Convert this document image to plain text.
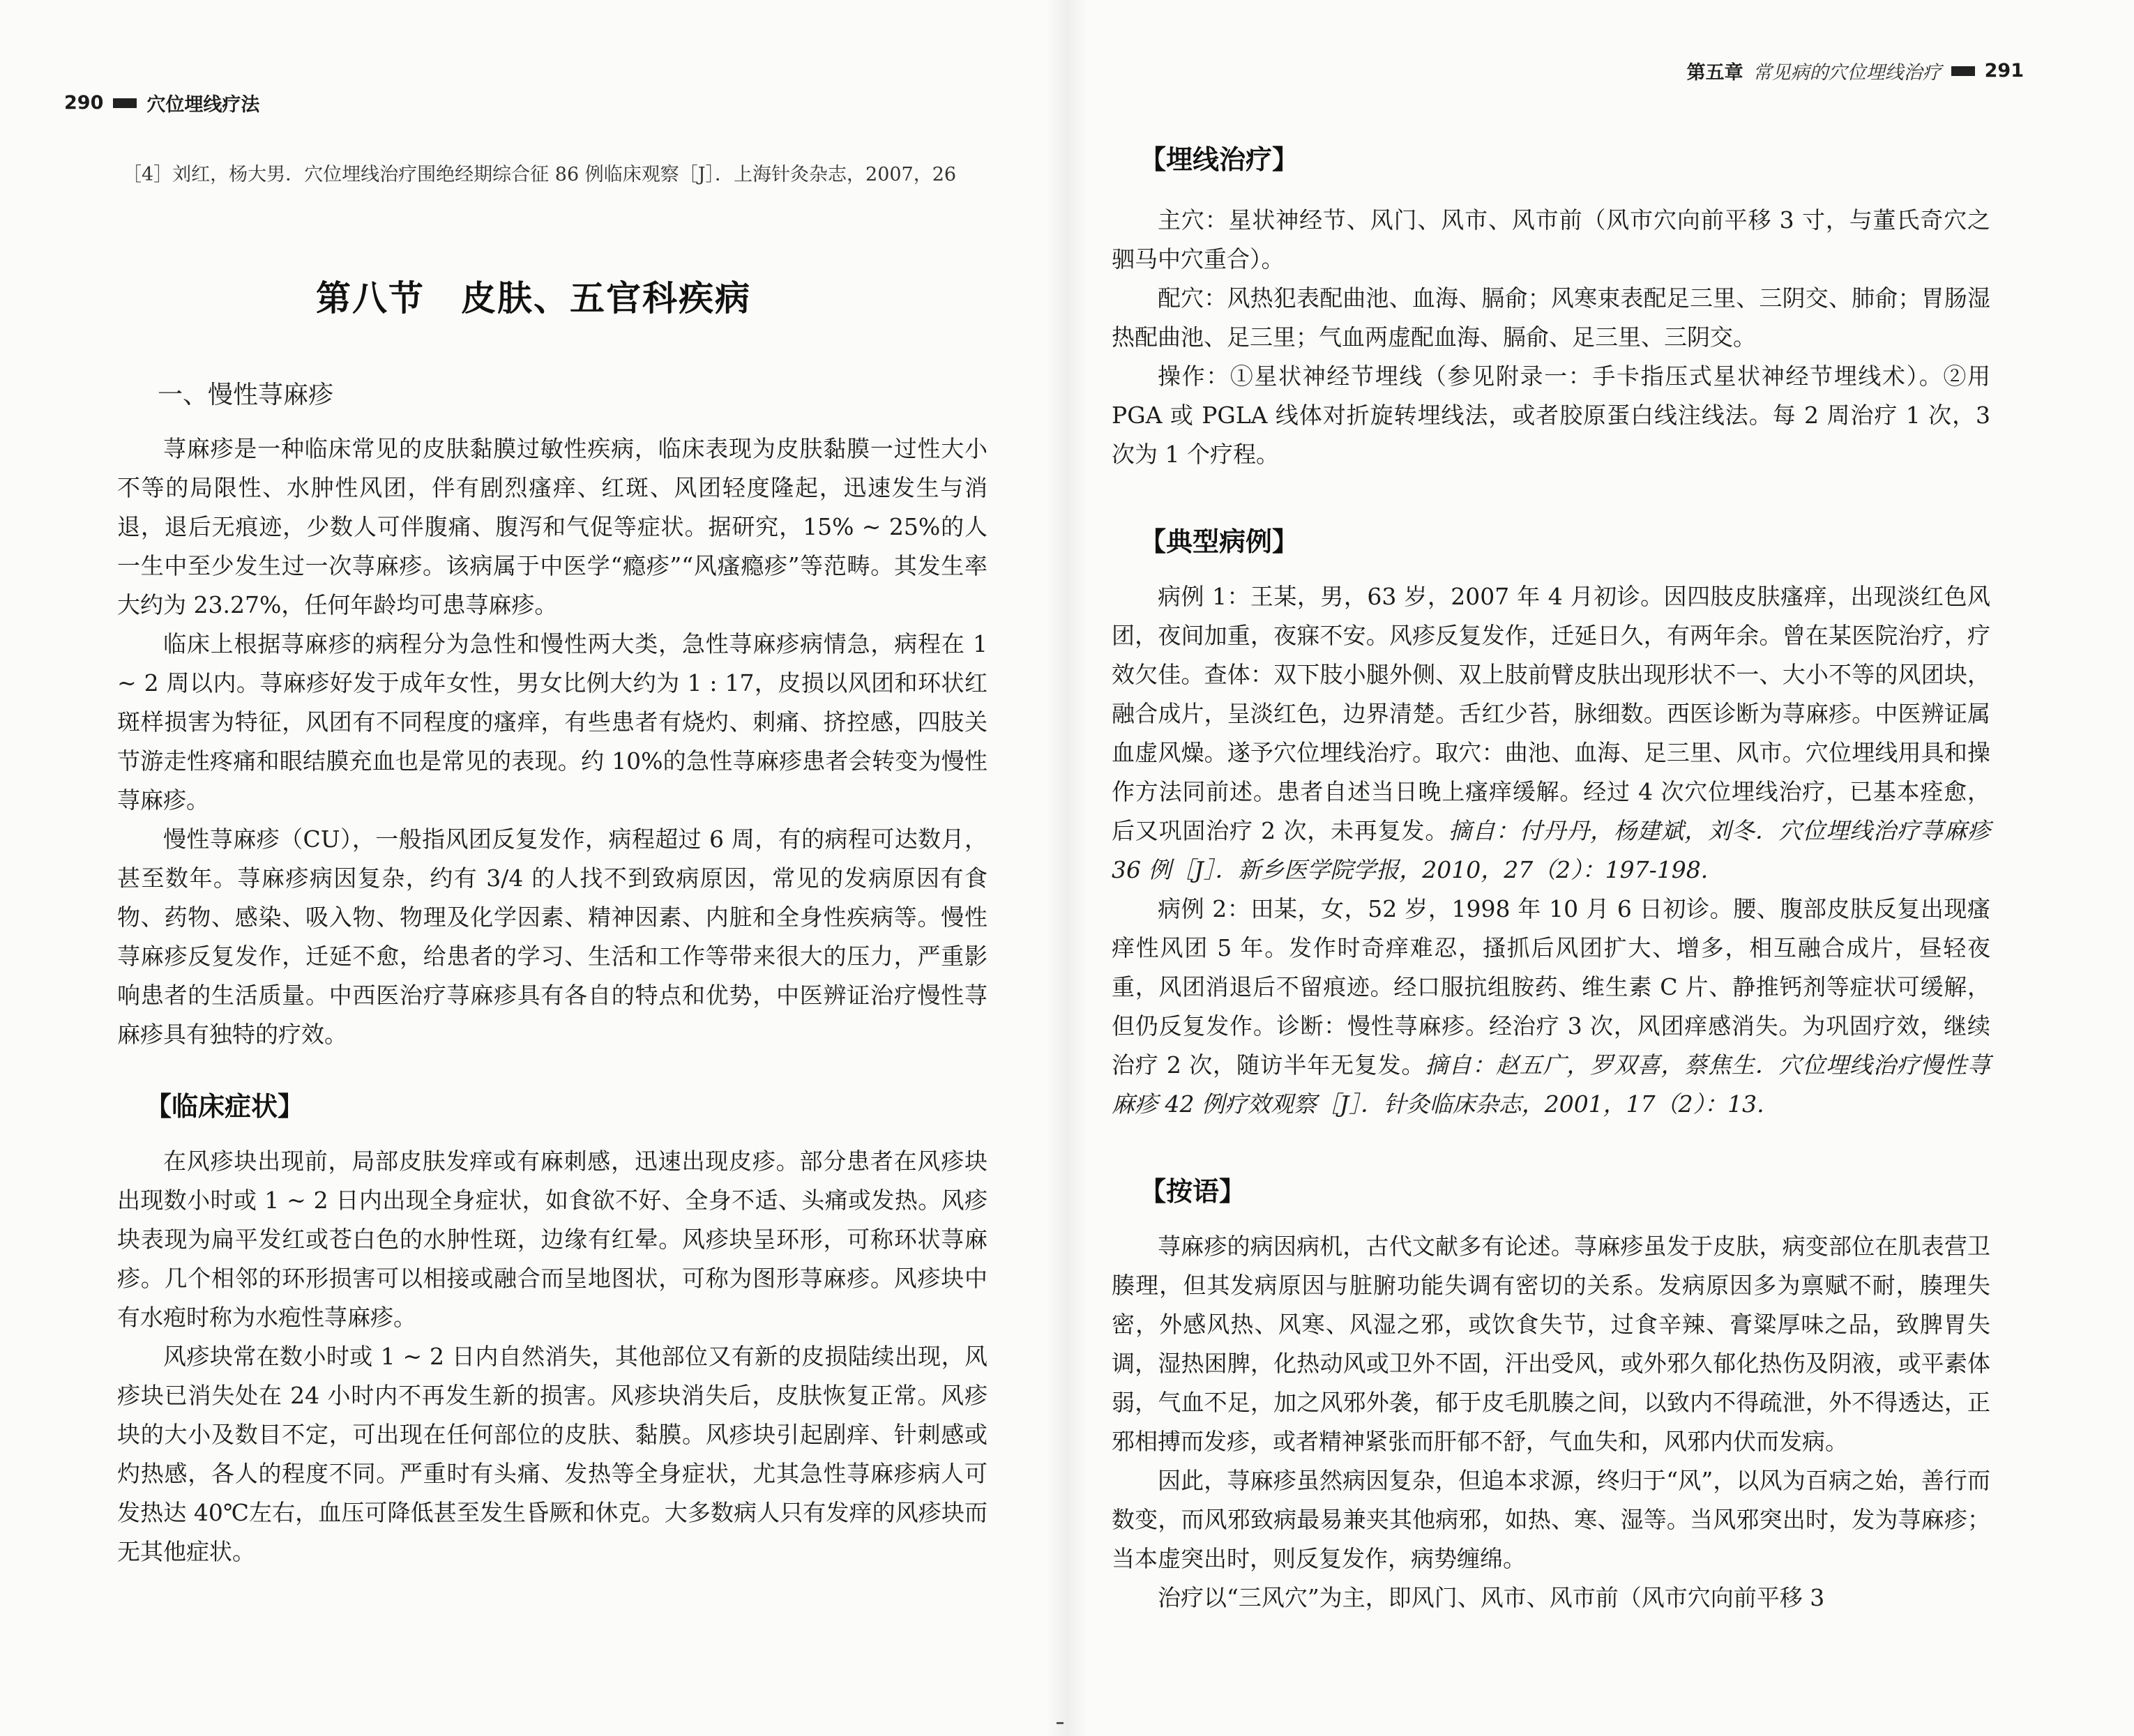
290 穴位埋线疗法
［4］刘红，杨大男．穴位埋线治疗围绝经期综合征 86 例临床观察［J］．上海针灸杂志，2007，26
第八节　皮肤、五官科疾病
一、慢性荨麻疹

荨麻疹是一种临床常见的皮肤黏膜过敏性疾病，临床表现为皮肤黏膜一过性大小不等的局限性、水肿性风团，伴有剧烈瘙痒、红斑、风团轻度隆起，迅速发生与消退，退后无痕迹，少数人可伴腹痛、腹泻和气促等症状。据研究，15% ~ 25%的人一生中至少发生过一次荨麻疹。该病属于中医学“瘾疹”“风瘙瘾疹”等范畴。其发生率大约为 23.27%，任何年龄均可患荨麻疹。

临床上根据荨麻疹的病程分为急性和慢性两大类，急性荨麻疹病情急，病程在 1 ~ 2 周以内。荨麻疹好发于成年女性，男女比例大约为 1 : 17，皮损以风团和环状红斑样损害为特征，风团有不同程度的瘙痒，有些患者有烧灼、刺痛、挤控感，四肢关节游走性疼痛和眼结膜充血也是常见的表现。约 10%的急性荨麻疹患者会转变为慢性荨麻疹。

慢性荨麻疹（CU），一般指风团反复发作，病程超过 6 周，有的病程可达数月，甚至数年。荨麻疹病因复杂，约有 3/4 的人找不到致病原因，常见的发病原因有食物、药物、感染、吸入物、物理及化学因素、精神因素、内脏和全身性疾病等。慢性荨麻疹反复发作，迁延不愈，给患者的学习、生活和工作等带来很大的压力，严重影响患者的生活质量。中西医治疗荨麻疹具有各自的特点和优势，中医辨证治疗慢性荨麻疹具有独特的疗效。

【临床症状】

在风疹块出现前，局部皮肤发痒或有麻刺感，迅速出现皮疹。部分患者在风疹块出现数小时或 1 ~ 2 日内出现全身症状，如食欲不好、全身不适、头痛或发热。风疹块表现为扁平发红或苍白色的水肿性斑，边缘有红晕。风疹块呈环形，可称环状荨麻疹。几个相邻的环形损害可以相接或融合而呈地图状，可称为图形荨麻疹。风疹块中有水疱时称为水疱性荨麻疹。

风疹块常在数小时或 1 ~ 2 日内自然消失，其他部位又有新的皮损陆续出现，风疹块已消失处在 24 小时内不再发生新的损害。风疹块消失后，皮肤恢复正常。风疹块的大小及数目不定，可出现在任何部位的皮肤、黏膜。风疹块引起剧痒、针刺感或灼热感，各人的程度不同。严重时有头痛、发热等全身症状，尤其急性荨麻疹病人可发热达 40℃左右，血压可降低甚至发生昏厥和休克。大多数病人只有发痒的风疹块而无其他症状。

第五章 常见病的穴位埋线治疗 291
【埋线治疗】

主穴：星状神经节、风门、风市、风市前（风市穴向前平移 3 寸，与董氏奇穴之驷马中穴重合）。

配穴：风热犯表配曲池、血海、膈俞；风寒束表配足三里、三阴交、肺俞；胃肠湿热配曲池、足三里；气血两虚配血海、膈俞、足三里、三阴交。

操作：①星状神经节埋线（参见附录一：手卡指压式星状神经节埋线术）。②用 PGA 或 PGLA 线体对折旋转埋线法，或者胶原蛋白线注线法。每 2 周治疗 1 次，3 次为 1 个疗程。

【典型病例】

病例 1：王某，男，63 岁，2007 年 4 月初诊。因四肢皮肤瘙痒，出现淡红色风团，夜间加重，夜寐不安。风疹反复发作，迁延日久，有两年余。曾在某医院治疗，疗效欠佳。查体：双下肢小腿外侧、双上肢前臂皮肤出现形状不一、大小不等的风团块，融合成片，呈淡红色，边界清楚。舌红少苔，脉细数。西医诊断为荨麻疹。中医辨证属血虚风燥。遂予穴位埋线治疗。取穴：曲池、血海、足三里、风市。穴位埋线用具和操作方法同前述。患者自述当日晚上瘙痒缓解。经过 4 次穴位埋线治疗，已基本痊愈，后又巩固治疗 2 次，未再复发。摘自：付丹丹，杨建斌，刘冬．穴位埋线治疗荨麻疹 36 例［J］．新乡医学院学报，2010，27（2）：197-198.

病例 2：田某，女，52 岁，1998 年 10 月 6 日初诊。腰、腹部皮肤反复出现瘙痒性风团 5 年。发作时奇痒难忍，搔抓后风团扩大、增多，相互融合成片，昼轻夜重，风团消退后不留痕迹。经口服抗组胺药、维生素 C 片、静推钙剂等症状可缓解，但仍反复发作。诊断：慢性荨麻疹。经治疗 3 次，风团痒感消失。为巩固疗效，继续治疗 2 次，随访半年无复发。摘自：赵五广，罗双喜，蔡焦生．穴位埋线治疗慢性荨麻疹 42 例疗效观察［J］．针灸临床杂志，2001，17（2）：13.

【按语】

荨麻疹的病因病机，古代文献多有论述。荨麻疹虽发于皮肤，病变部位在肌表营卫腠理，但其发病原因与脏腑功能失调有密切的关系。发病原因多为禀赋不耐，腠理失密，外感风热、风寒、风湿之邪，或饮食失节，过食辛辣、膏粱厚味之品，致脾胃失调，湿热困脾，化热动风或卫外不固，汗出受风，或外邪久郁化热伤及阴液，或平素体弱，气血不足，加之风邪外袭，郁于皮毛肌腠之间，以致内不得疏泄，外不得透达，正邪相搏而发疹，或者精神紧张而肝郁不舒，气血失和，风邪内伏而发病。

因此，荨麻疹虽然病因复杂，但追本求源，终归于“风”，以风为百病之始，善行而数变，而风邪致病最易兼夹其他病邪，如热、寒、湿等。当风邪突出时，发为荨麻疹；当本虚突出时，则反复发作，病势缠绵。

治疗以“三风穴”为主，即风门、风市、风市前（风市穴向前平移 3
